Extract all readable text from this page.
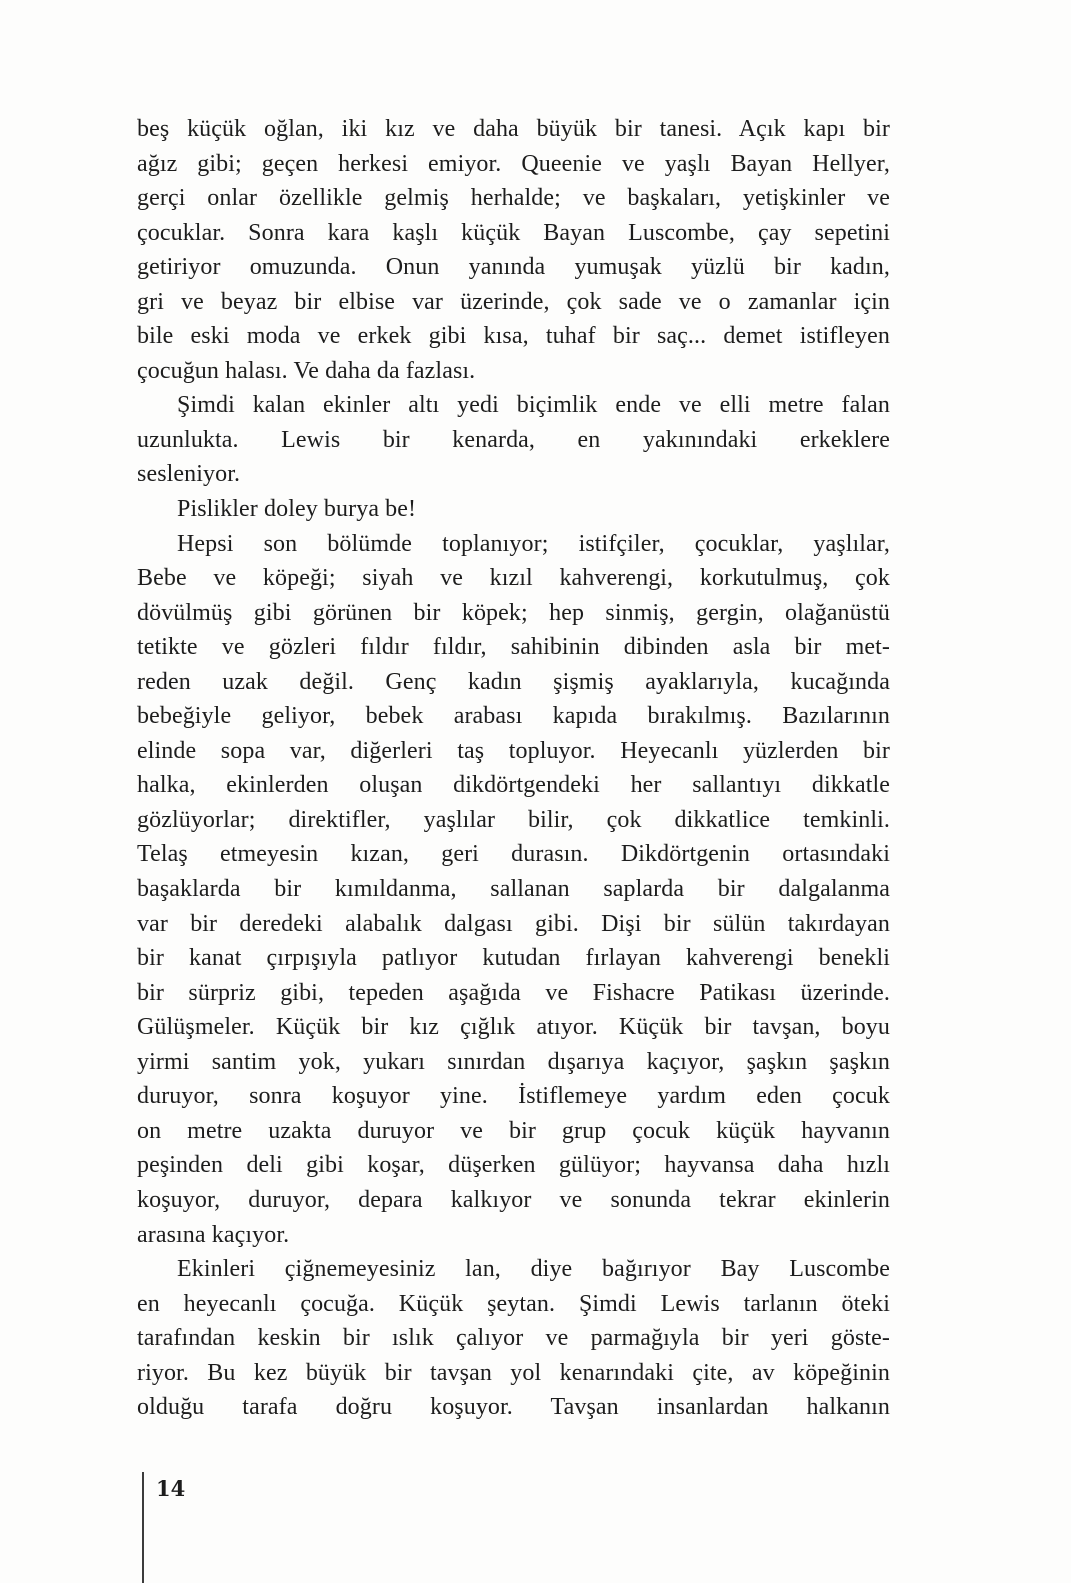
beş küçük oğlan, iki kız ve daha büyük bir tanesi. Açık kapı bir
ağız gibi; geçen herkesi emiyor. Queenie ve yaşlı Bayan Hellyer,
gerçi onlar özellikle gelmiş herhalde; ve başkaları, yetişkinler ve
çocuklar. Sonra kara kaşlı küçük Bayan Luscombe, çay sepetini
getiriyor omuzunda. Onun yanında yumuşak yüzlü bir kadın,
gri ve beyaz bir elbise var üzerinde, çok sade ve o zamanlar için
bile eski moda ve erkek gibi kısa, tuhaf bir saç... demet istifleyen
çocuğun halası. Ve daha da fazlası.
Şimdi kalan ekinler altı yedi biçimlik ende ve elli metre falan
uzunlukta. Lewis bir kenarda, en yakınındaki erkeklere
sesleniyor.
Pislikler doley burya be!
Hepsi son bölümde toplanıyor; istifçiler, çocuklar, yaşlılar,
Bebe ve köpeği; siyah ve kızıl kahverengi, korkutulmuş, çok
dövülmüş gibi görünen bir köpek; hep sinmiş, gergin, olağanüstü
tetikte ve gözleri fıldır fıldır, sahibinin dibinden asla bir met-
reden uzak değil. Genç kadın şişmiş ayaklarıyla, kucağında
bebeğiyle geliyor, bebek arabası kapıda bırakılmış. Bazılarının
elinde sopa var, diğerleri taş topluyor. Heyecanlı yüzlerden bir
halka, ekinlerden oluşan dikdörtgendeki her sallantıyı dikkatle
gözlüyorlar; direktifler, yaşlılar bilir, çok dikkatlice temkinli.
Telaş etmeyesin kızan, geri durasın. Dikdörtgenin ortasındaki
başaklarda bir kımıldanma, sallanan saplarda bir dalgalanma
var bir deredeki alabalık dalgası gibi. Dişi bir sülün takırdayan
bir kanat çırpışıyla patlıyor kutudan fırlayan kahverengi benekli
bir sürpriz gibi, tepeden aşağıda ve Fishacre Patikası üzerinde.
Gülüşmeler. Küçük bir kız çığlık atıyor. Küçük bir tavşan, boyu
yirmi santim yok, yukarı sınırdan dışarıya kaçıyor, şaşkın şaşkın
duruyor, sonra koşuyor yine. İstiflemeye yardım eden çocuk
on metre uzakta duruyor ve bir grup çocuk küçük hayvanın
peşinden deli gibi koşar, düşerken gülüyor; hayvansa daha hızlı
koşuyor, duruyor, depara kalkıyor ve sonunda tekrar ekinlerin
arasına kaçıyor.
Ekinleri çiğnemeyesiniz lan, diye bağırıyor Bay Luscombe
en heyecanlı çocuğa. Küçük şeytan. Şimdi Lewis tarlanın öteki
tarafından keskin bir ıslık çalıyor ve parmağıyla bir yeri göste-
riyor. Bu kez büyük bir tavşan yol kenarındaki çite, av köpeğinin
olduğu tarafa doğru koşuyor. Tavşan insanlardan halkanın
14
